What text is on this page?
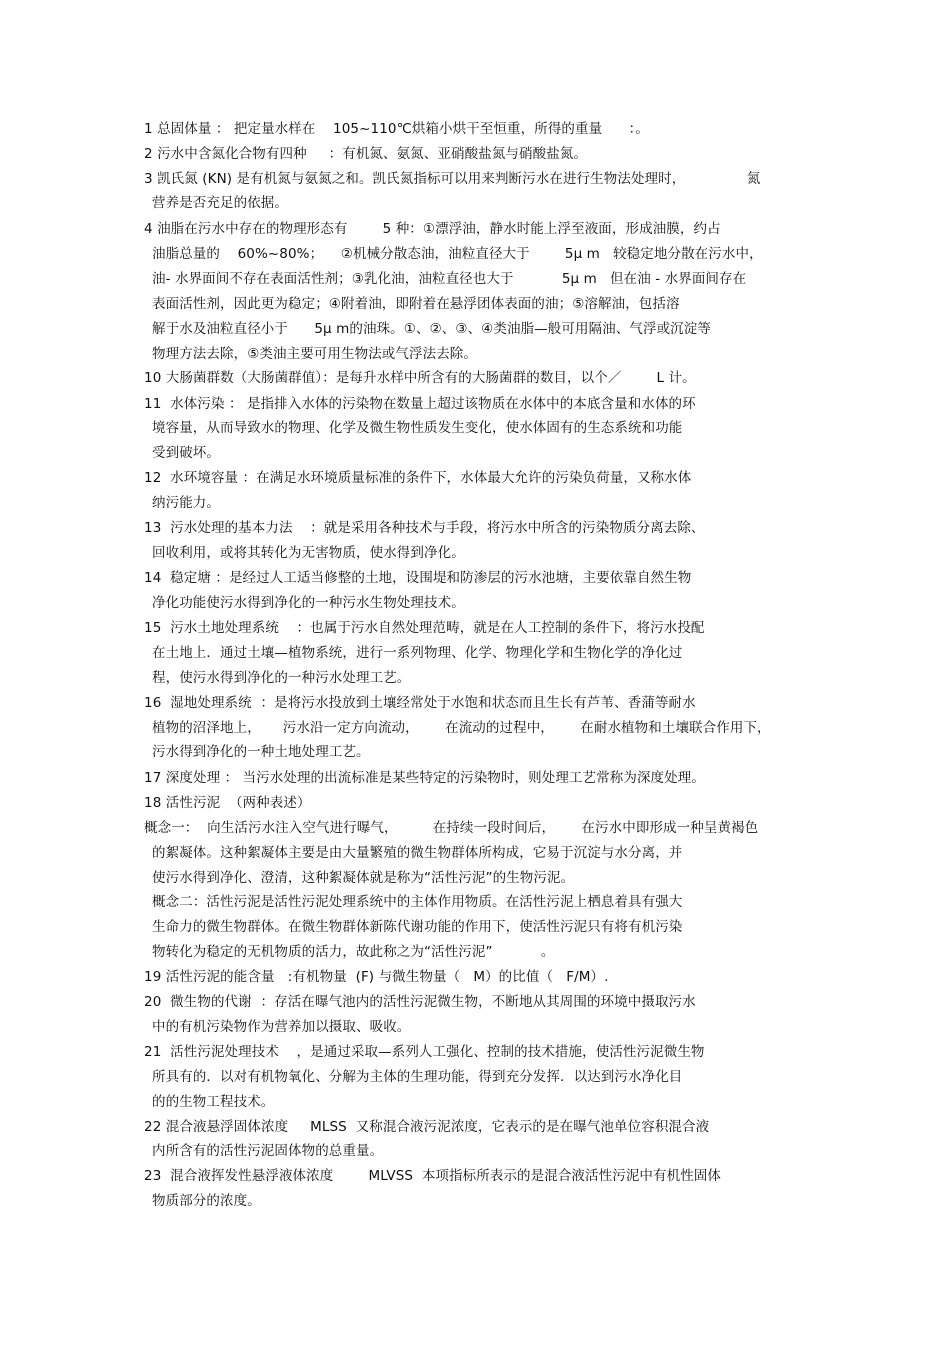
1 总固体量 ： 把定量水样在    105~110℃烘箱小烘干至恒重，所得的重量      ：。
2 污水中含氮化合物有四种     ：有机氮、氨氮、亚硝酸盐氮与硝酸盐氮。
3 凯氏氮 (KN) 是有机氮与氨氮之和。凯氏氮指标可以用来判断污水在进行生物法处理时，              氮
营养是否充足的依据。
4 油脂在污水中存在的物理形态有        5 种：①漂浮油，静水时能上浮至液面，形成油膜，约占
油脂总量的    60%~80%；    ②机械分散态油，油粒直径大于        5μ m   较稳定地分散在污水中，
油- 水界面间不存在表面活性剂；③乳化油，油粒直径也大于           5μ m   但在油 - 水界面间存在
表面活性剂，因此更为稳定；④附着油，即附着在悬浮团体表面的油；⑤溶解油，包括溶
解于水及油粒直径小于      5μ m的油珠。①、②、③、④类油脂—般可用隔油、气浮或沉淀等
物理方法去除，⑤类油主要可用生物法或气浮法去除。
10 大肠菌群数（大肠菌群值）：是每升水样中所含有的大肠菌群的数目，以个／        L 计。
11  水体污染 ： 是指排入水体的污染物在数量上超过该物质在水体中的本底含量和水体的环
境容量，从而导致水的物理、化学及微生物性质发生变化，使水体固有的生态系统和功能
受到破坏。
12  水环境容量 ：在满足水环境质量标准的条件下，水体最大允许的污染负荷量，又称水体
纳污能力。
13  污水处理的基本力法    ：就是采用各种技术与手段，将污水中所含的污染物质分离去除、
回收利用，或将其转化为无害物质，使水得到净化。
14  稳定塘 ：是经过人工适当修整的土地，设围堤和防渗层的污水池塘，主要依靠自然生物
净化功能使污水得到净化的一种污水生物处理技术。
15  污水土地处理系统    ：也属于污水自然处理范畴，就是在人工控制的条件下，将污水投配
在土地上．通过土壤—植物系统，进行一系列物理、化学、物理化学和生物化学的净化过
程，使污水得到净化的一种污水处理工艺。
16  湿地处理系统  ：是将污水投放到土壤经常处于水饱和状态而且生长有芦苇、香蒲等耐水
植物的沼泽地上，     污水沿一定方向流动，      在流动的过程中，      在耐水植物和土壤联合作用下，
污水得到净化的一种土地处理工艺。
17 深度处理 ： 当污水处理的出流标准是某些特定的污染物时，则处理工艺常称为深度处理。
18 活性污泥  （两种表述）
概念一：  向生活污水注入空气进行曝气，        在持续一段时间后，      在污水中即形成一种呈黄褐色
的絮凝体。这种絮凝体主要是由大量繁殖的微生物群体所构成，它易于沉淀与水分离，并
使污水得到净化、澄清，这种絮凝体就是称为“活性污泥”的生物污泥。
概念二：活性污泥是活性污泥处理系统中的主体作用物质。在活性污泥上栖息着具有强大
生命力的微生物群体。在微生物群体新陈代谢功能的作用下，使活性污泥只有将有机污染
物转化为稳定的无机物质的活力，故此称之为“活性污泥”           。
19 活性污泥的能含量   :有机物量  (F) 与微生物量（   M）的比值（   F/M）.
20  微生物的代谢  ：存活在曝气池内的活性污泥微生物，不断地从其周围的环境中摄取污水
中的有机污染物作为营养加以摄取、吸收。
21  活性污泥处理技术    ，是通过采取—系列人工强化、控制的技术措施，使活性污泥微生物
所具有的．以对有机物氧化、分解为主体的生理功能，得到充分发挥．以达到污水净化目
的的生物工程技术。
22 混合液悬浮固体浓度     MLSS  又称混合液污泥浓度，它表示的是在曝气池单位容积混合液
内所含有的活性污泥固体物的总重量。
23  混合液挥发性悬浮液体浓度        MLVSS  本项指标所表示的是混合液活性污泥中有机性固体
物质部分的浓度。
